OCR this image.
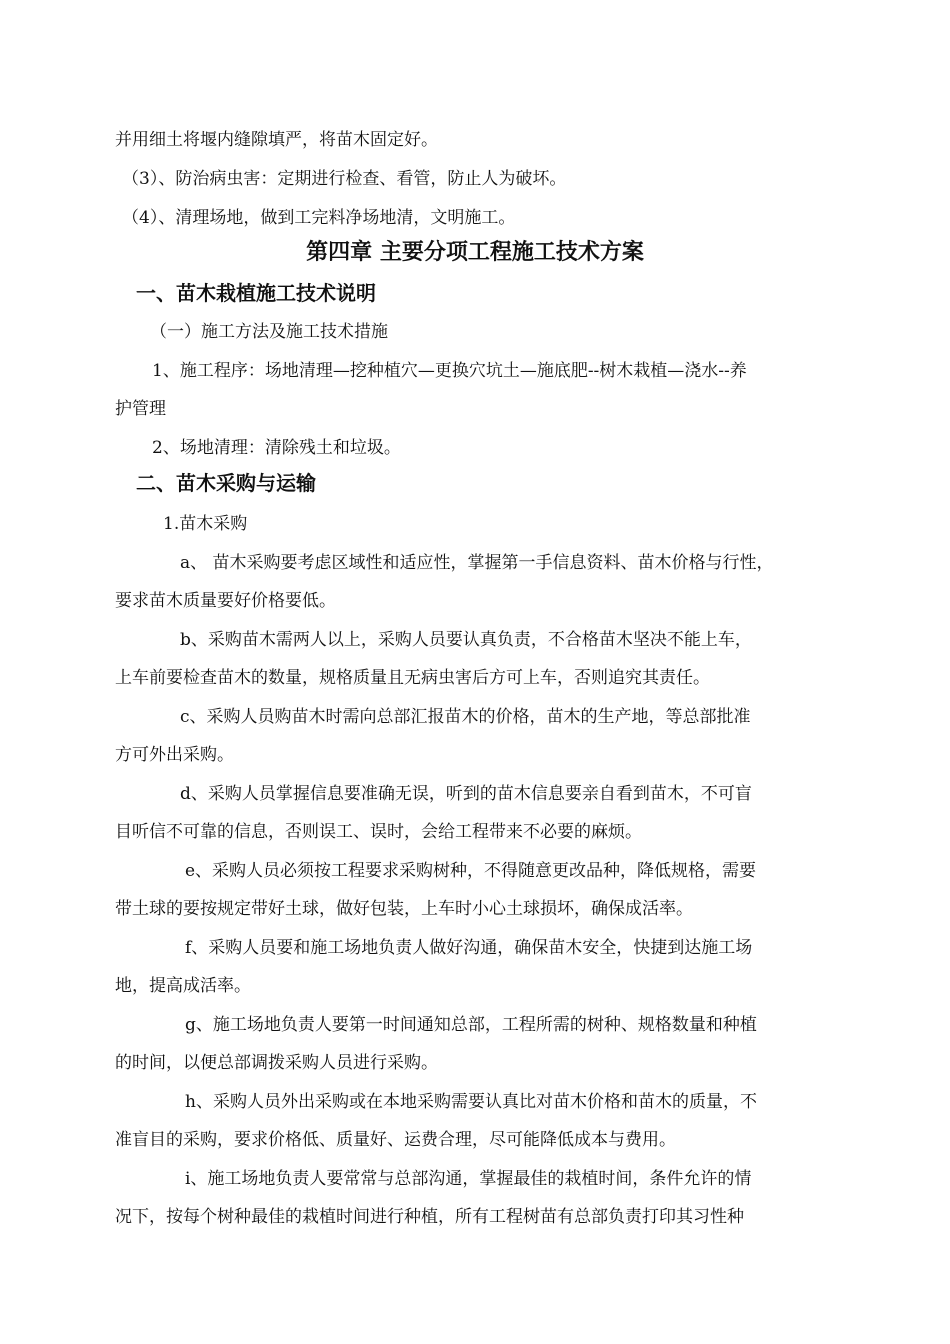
并用细土将堰内缝隙填严，将苗木固定好。
（3）、防治病虫害：定期进行检查、看管，防止人为破坏。
（4）、清理场地，做到工完料净场地清，文明施工。
第四章 主要分项工程施工技术方案
一、苗木栽植施工技术说明
（一）施工方法及施工技术措施
1、施工程序：场地清理—挖种植穴—更换穴坑土—施底肥--树木栽植—浇水--养
护管理
2、场地清理：清除残土和垃圾。
二、苗木采购与运输
1.苗木采购
a、 苗木采购要考虑区域性和适应性，掌握第一手信息资料、苗木价格与行性，
要求苗木质量要好价格要低。
b、采购苗木需两人以上，采购人员要认真负责，不合格苗木坚决不能上车，
上车前要检查苗木的数量，规格质量且无病虫害后方可上车，否则追究其责任。
c、采购人员购苗木时需向总部汇报苗木的价格，苗木的生产地，等总部批准
方可外出采购。
d、采购人员掌握信息要准确无误，听到的苗木信息要亲自看到苗木，不可盲
目听信不可靠的信息，否则误工、误时，会给工程带来不必要的麻烦。
e、采购人员必须按工程要求采购树种，不得随意更改品种，降低规格，需要
带土球的要按规定带好土球，做好包装，上车时小心土球损坏，确保成活率。
f、采购人员要和施工场地负责人做好沟通，确保苗木安全，快捷到达施工场
地，提高成活率。
g、施工场地负责人要第一时间通知总部，工程所需的树种、规格数量和种植
的时间，以便总部调拨采购人员进行采购。
h、采购人员外出采购或在本地采购需要认真比对苗木价格和苗木的质量，不
准盲目的采购，要求价格低、质量好、运费合理，尽可能降低成本与费用。
i、施工场地负责人要常常与总部沟通，掌握最佳的栽植时间，条件允许的情
况下，按每个树种最佳的栽植时间进行种植，所有工程树苗有总部负责打印其习性种
